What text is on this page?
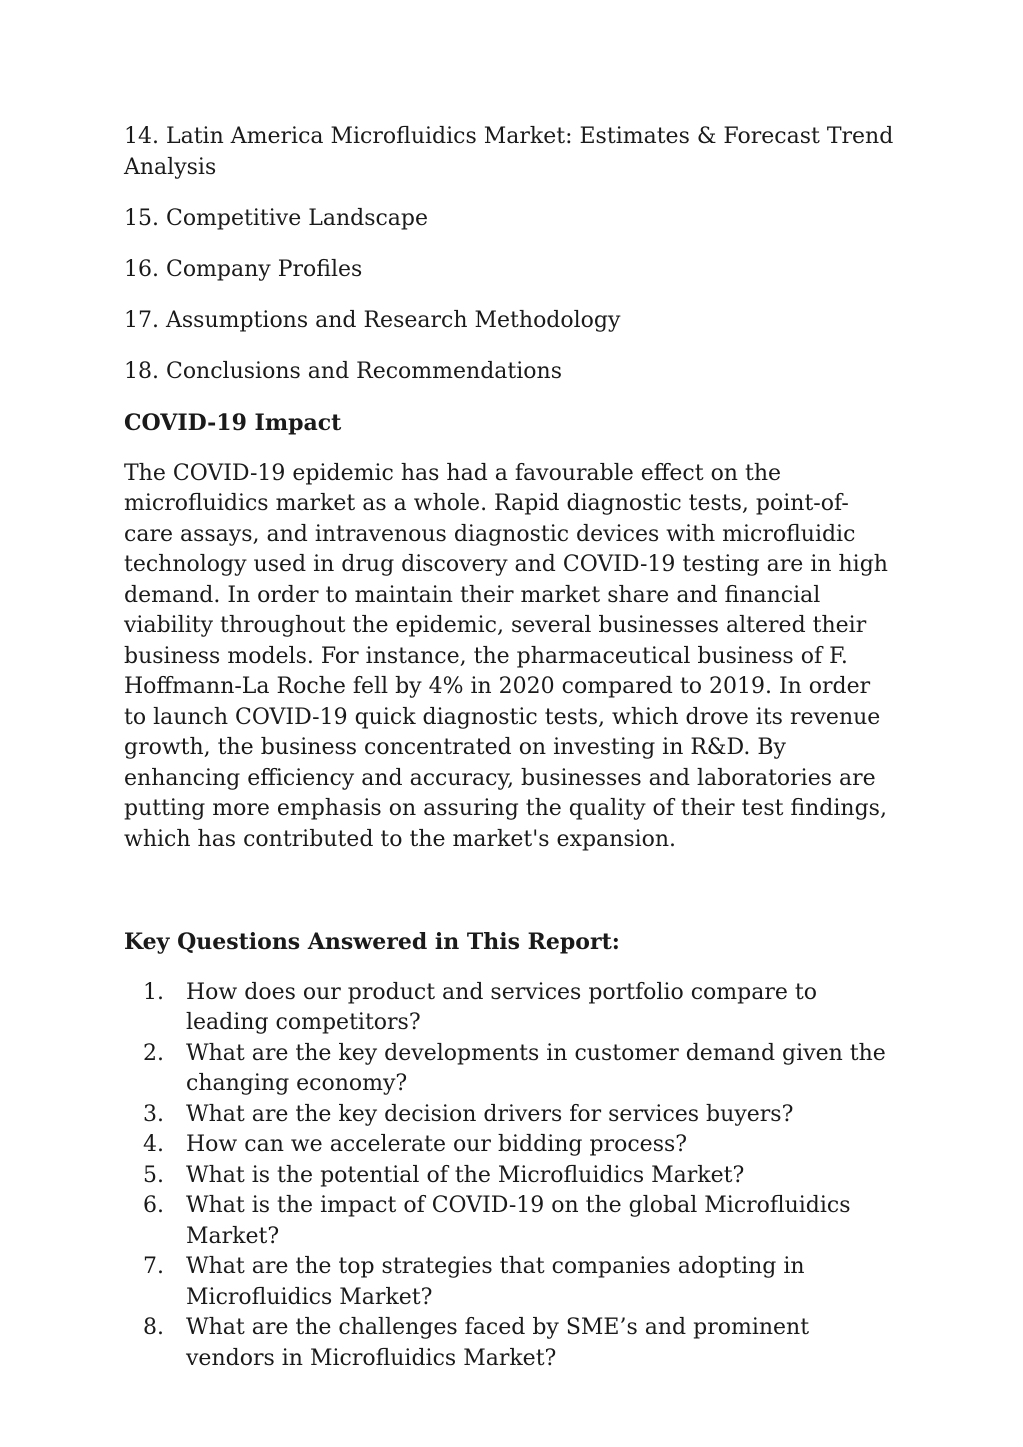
14. Latin America Microfluidics Market: Estimates & Forecast Trend Analysis

15. Competitive Landscape

16. Company Profiles

17. Assumptions and Research Methodology

18. Conclusions and Recommendations

COVID-19 Impact

The COVID-19 epidemic has had a favourable effect on the microfluidics market as a whole. Rapid diagnostic tests, point-of-care assays, and intravenous diagnostic devices with microfluidic technology used in drug discovery and COVID-19 testing are in high demand. In order to maintain their market share and financial viability throughout the epidemic, several businesses altered their business models. For instance, the pharmaceutical business of F. Hoffmann-La Roche fell by 4% in 2020 compared to 2019. In order to launch COVID-19 quick diagnostic tests, which drove its revenue growth, the business concentrated on investing in R&D. By enhancing efficiency and accuracy, businesses and laboratories are putting more emphasis on assuring the quality of their test findings, which has contributed to the market's expansion.

Key Questions Answered in This Report:

1.	How does our product and services portfolio compare to leading competitors?
2.	What are the key developments in customer demand given the changing economy?
3.	What are the key decision drivers for services buyers?
4.	How can we accelerate our bidding process?
5.	What is the potential of the Microfluidics Market?
6.	What is the impact of COVID-19 on the global Microfluidics Market?
7.	What are the top strategies that companies adopting in Microfluidics Market?
8.	What are the challenges faced by SME’s and prominent vendors in Microfluidics Market?
